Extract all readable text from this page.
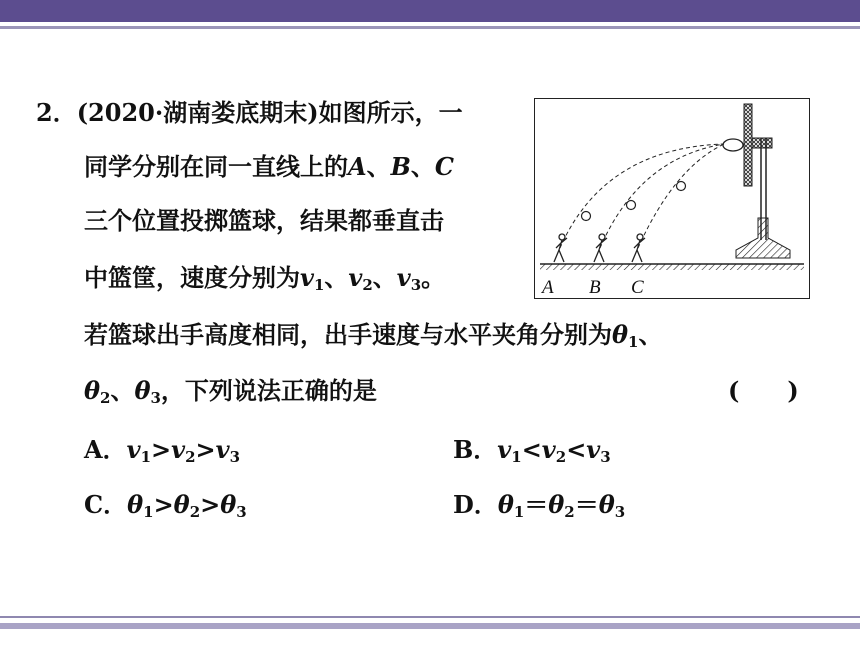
2．(2020·湖南娄底期末)如图所示，一
同学分别在同一直线上的A、B、C
三个位置投掷篮球，结果都垂直击
中篮筐，速度分别为$v_1$、$v_2$、$v_3$。
若篮球出手高度相同，出手速度与水平夹角分别为$\theta_1$、
$\theta_2$、$\theta_3$，下列说法正确的是	(　　)
A．$v_1>v_2>v_3$	B．$v_1<v_2<v_3$
C．$\theta_1>\theta_2>\theta_3$	D．$\theta_1=\theta_2=\theta_3$
A B C
